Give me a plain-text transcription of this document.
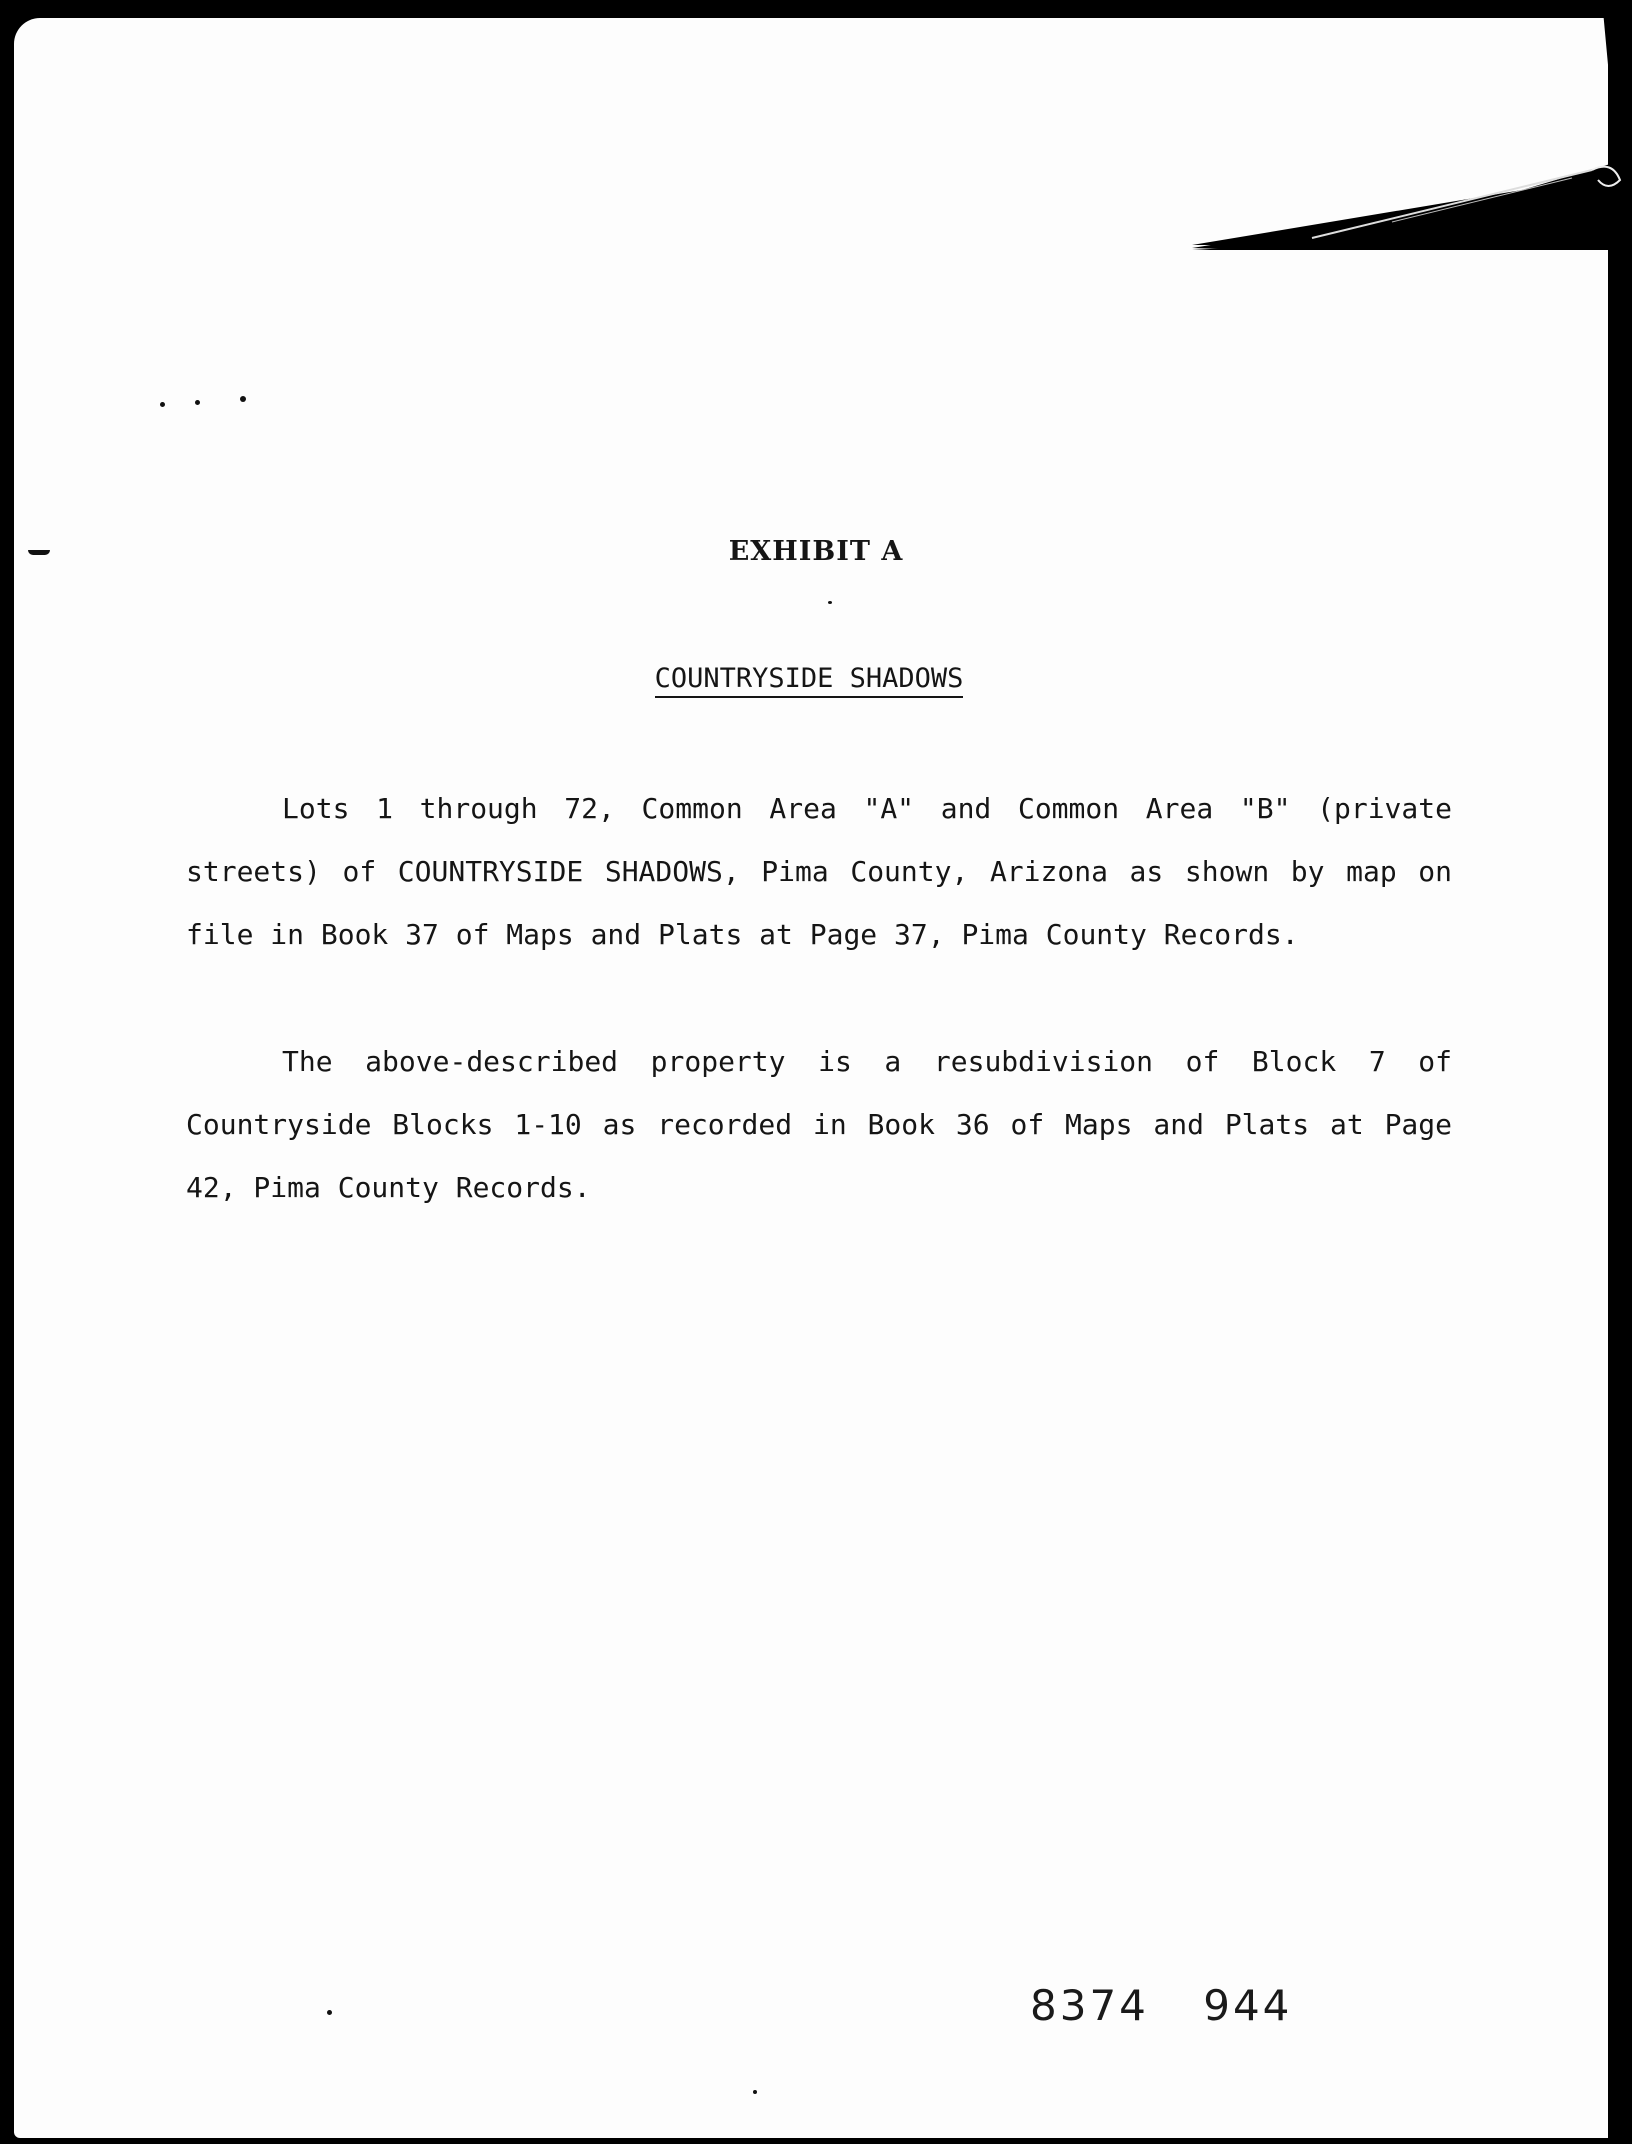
EXHIBIT A
COUNTRYSIDE SHADOWS

Lots 1 through 72, Common Area "A" and Common Area "B" (private streets) of COUNTRYSIDE SHADOWS, Pima County, Arizona as shown by map on file in Book 37 of Maps and Plats at Page 37, Pima County Records.

The above-described property is a resubdivision of Block 7 of Countryside Blocks 1-10 as recorded in Book 36 of Maps and Plats at Page 42, Pima County Records.

8374 944
